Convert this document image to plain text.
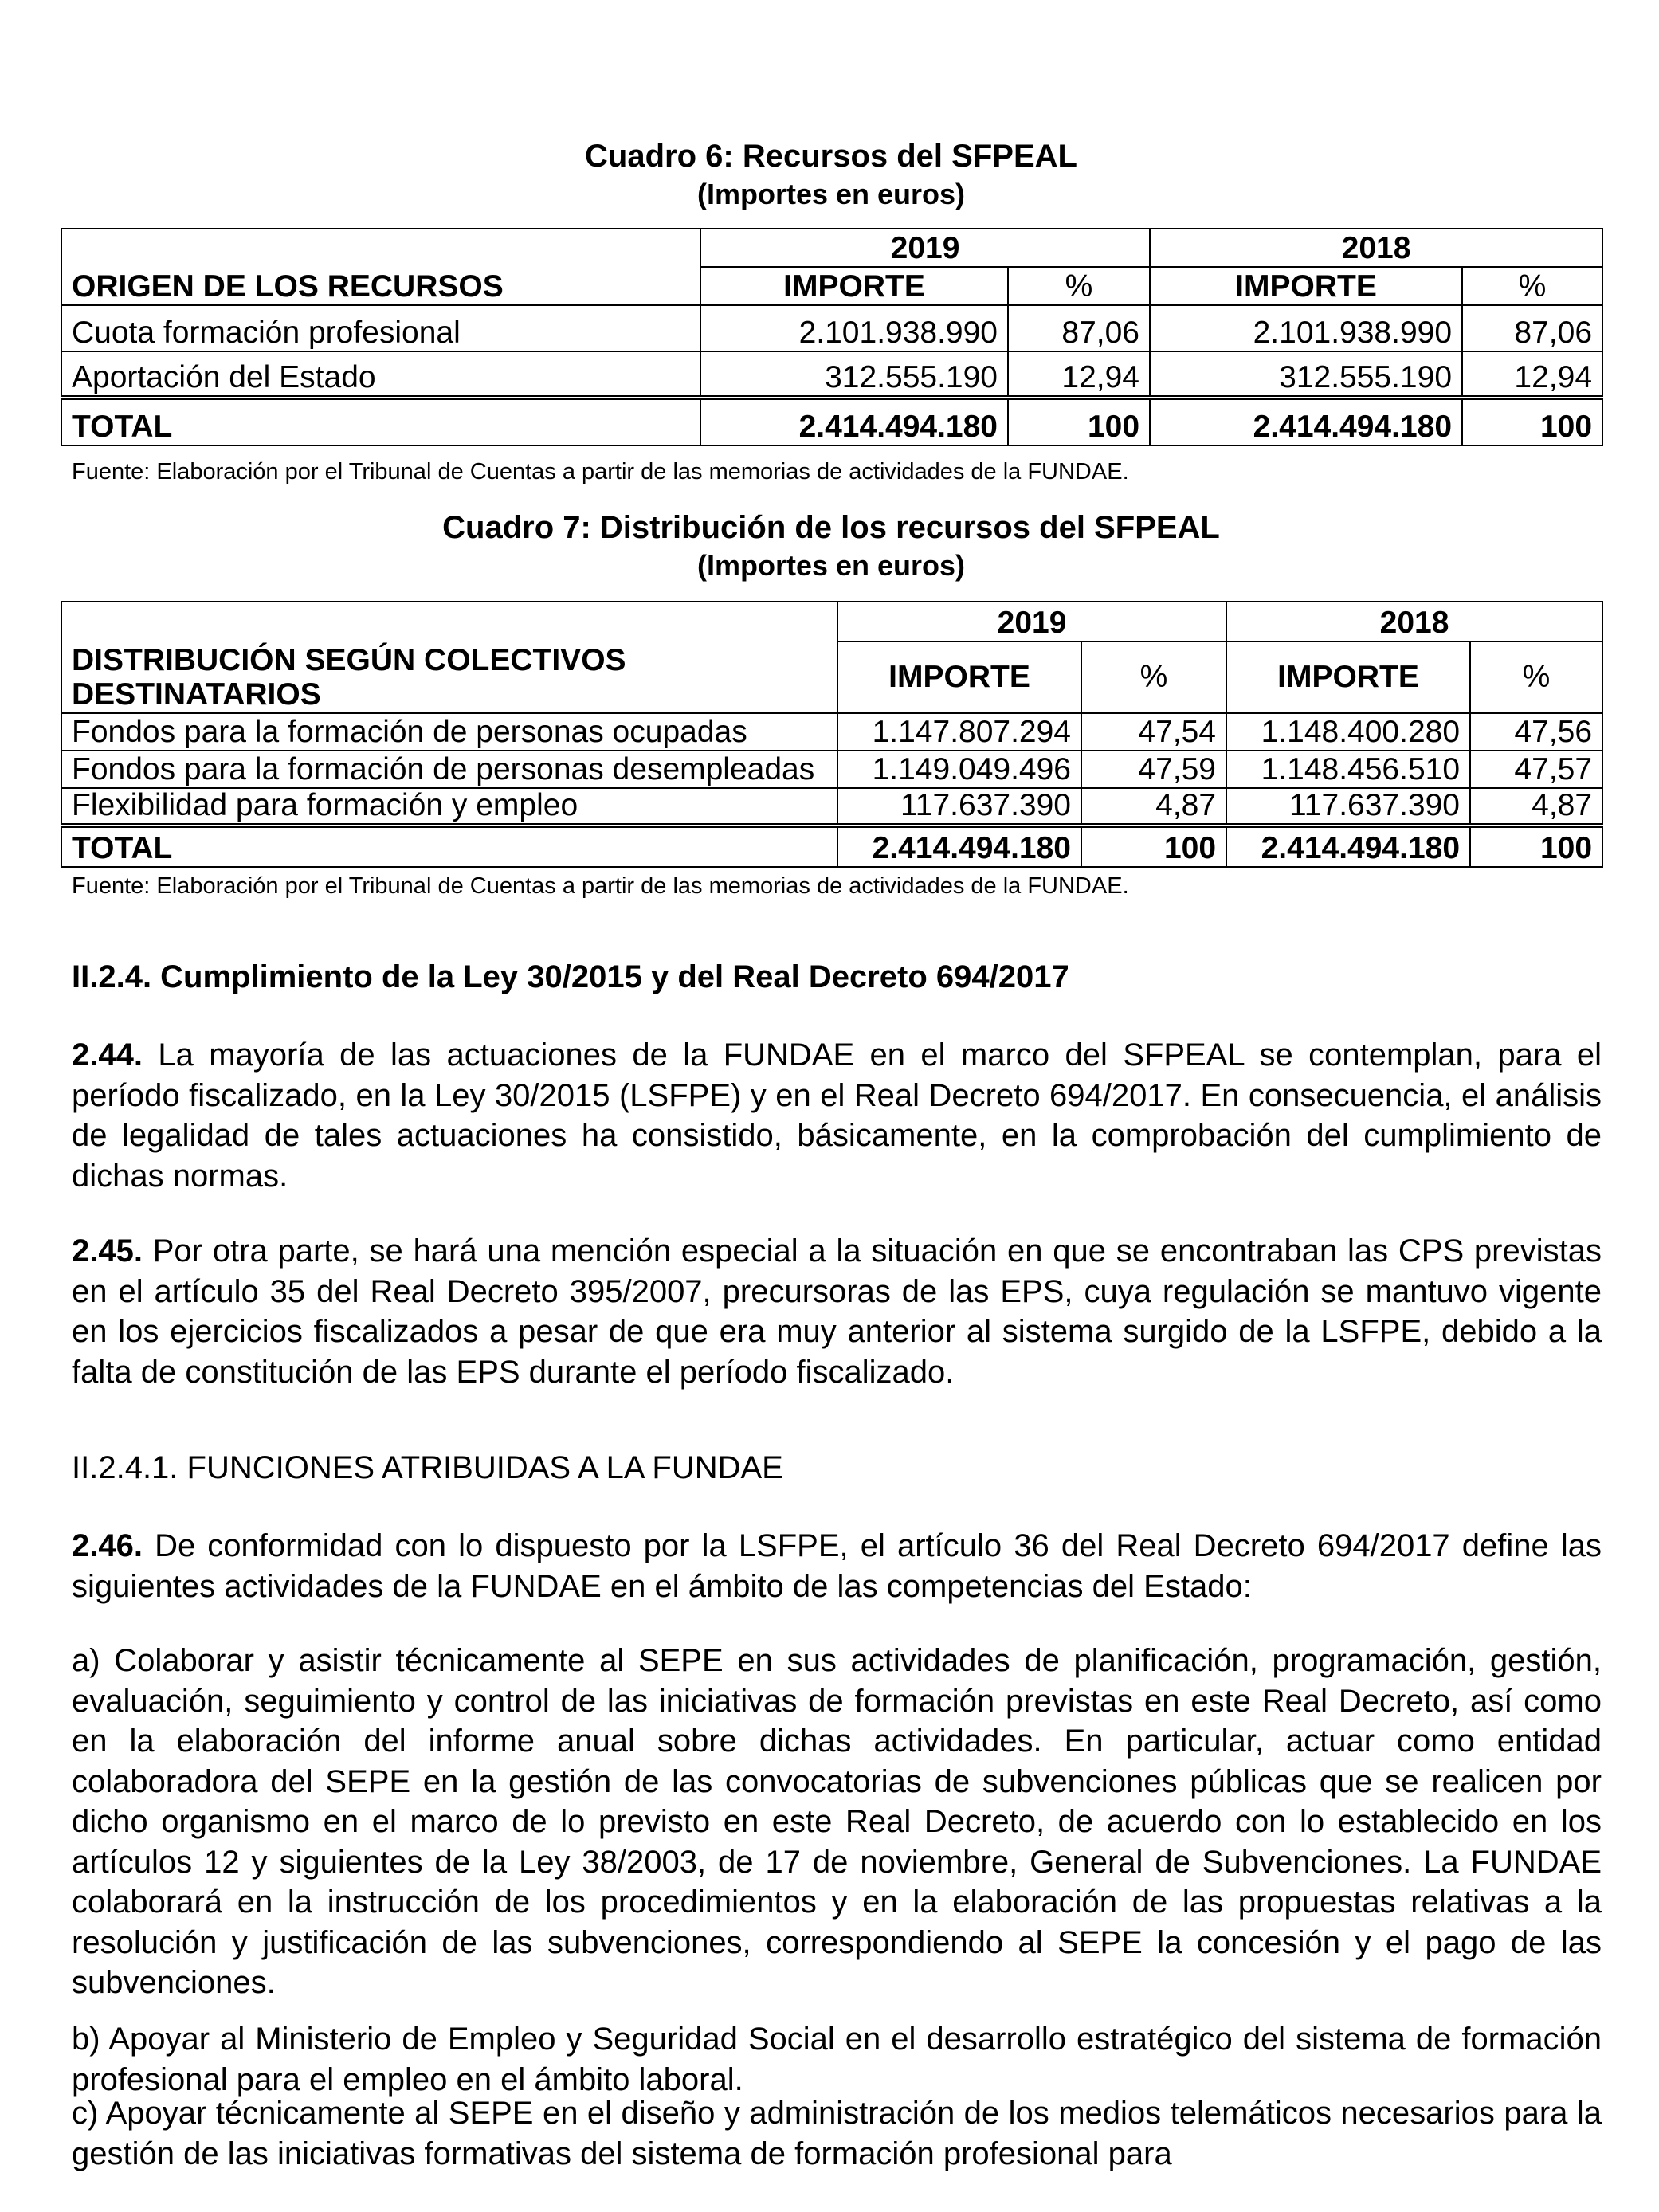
Cuadro 6: Recursos del SFPEAL
(Importes en euros)
	2019		2018	
ORIGEN DE LOS RECURSOS	IMPORTE	%	IMPORTE	%
Cuota formación profesional	2.101.938.990	87,06	2.101.938.990	87,06
Aportación del Estado	312.555.190	12,94	312.555.190	12,94
TOTAL	2.414.494.180	100	2.414.494.180	100
Fuente: Elaboración por el Tribunal de Cuentas a partir de las memorias de actividades de la FUNDAE.
Cuadro 7: Distribución de los recursos del SFPEAL
(Importes en euros)
	2019		2018	
DISTRIBUCIÓN SEGÚN COLECTIVOS
DESTINATARIOS	IMPORTE	%	IMPORTE	%
Fondos para la formación de personas ocupadas	1.147.807.294	47,54	1.148.400.280	47,56
Fondos para la formación de personas desempleadas	1.149.049.496	47,59	1.148.456.510	47,57
Flexibilidad para formación y empleo	117.637.390	4,87	117.637.390	4,87
TOTAL	2.414.494.180	100	2.414.494.180	100
Fuente: Elaboración por el Tribunal de Cuentas a partir de las memorias de actividades de la FUNDAE.
II.2.4. Cumplimiento de la Ley 30/2015 y del Real Decreto 694/2017

2.44. La mayoría de las actuaciones de la FUNDAE en el marco del SFPEAL se contemplan, para el período fiscalizado, en la Ley 30/2015 (LSFPE) y en el Real Decreto 694/2017. En consecuencia, el análisis de legalidad de tales actuaciones ha consistido, básicamente, en la comprobación del cumplimiento de dichas normas.

2.45. Por otra parte, se hará una mención especial a la situación en que se encontraban las CPS previstas en el artículo 35 del Real Decreto 395/2007, precursoras de las EPS, cuya regulación se mantuvo vigente en los ejercicios fiscalizados a pesar de que era muy anterior al sistema surgido de la LSFPE, debido a la falta de constitución de las EPS durante el período fiscalizado.

II.2.4.1. FUNCIONES ATRIBUIDAS A LA FUNDAE

2.46. De conformidad con lo dispuesto por la LSFPE, el artículo 36 del Real Decreto 694/2017 define las siguientes actividades de la FUNDAE en el ámbito de las competencias del Estado:

a) Colaborar y asistir técnicamente al SEPE en sus actividades de planificación, programación, gestión, evaluación, seguimiento y control de las iniciativas de formación previstas en este Real Decreto, así como en la elaboración del informe anual sobre dichas actividades. En particular, actuar como entidad colaboradora del SEPE en la gestión de las convocatorias de subvenciones públicas que se realicen por dicho organismo en el marco de lo previsto en este Real Decreto, de acuerdo con lo establecido en los artículos 12 y siguientes de la Ley 38/2003, de 17 de noviembre, General de Subvenciones. La FUNDAE colaborará en la instrucción de los procedimientos y en la elaboración de las propuestas relativas a la resolución y justificación de las subvenciones, correspondiendo al SEPE la concesión y el pago de las subvenciones.

b) Apoyar al Ministerio de Empleo y Seguridad Social en el desarrollo estratégico del sistema de formación profesional para el empleo en el ámbito laboral.

c) Apoyar técnicamente al SEPE en el diseño y administración de los medios telemáticos necesarios para la gestión de las iniciativas formativas del sistema de formación profesional para
